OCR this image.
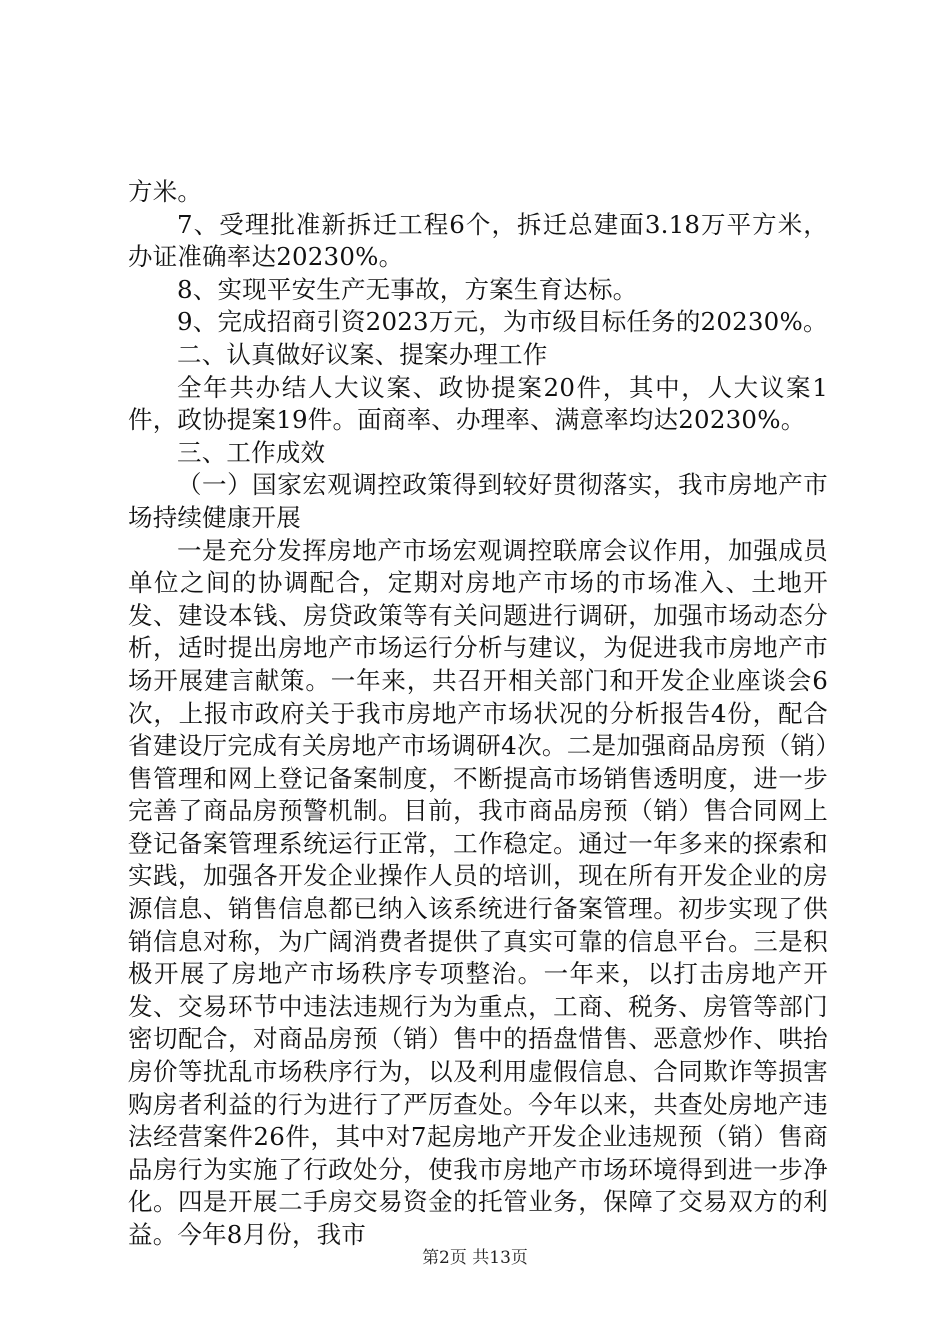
方米。

7、受理批准新拆迁工程6个，拆迁总建面3.18万平方米，办证准确率达20230%。

8、实现平安生产无事故，方案生育达标。

9、完成招商引资2023万元，为市级目标任务的20230%。

二、认真做好议案、提案办理工作

全年共办结人大议案、政协提案20件，其中，人大议案1件，政协提案19件。面商率、办理率、满意率均达20230%。

三、工作成效

（一）国家宏观调控政策得到较好贯彻落实，我市房地产市场持续健康开展

一是充分发挥房地产市场宏观调控联席会议作用，加强成员单位之间的协调配合，定期对房地产市场的市场准入、土地开发、建设本钱、房贷政策等有关问题进行调研，加强市场动态分析，适时提出房地产市场运行分析与建议，为促进我市房地产市场开展建言献策。一年来，共召开相关部门和开发企业座谈会6次，上报市政府关于我市房地产市场状况的分析报告4份，配合省建设厅完成有关房地产市场调研4次。二是加强商品房预（销）售管理和网上登记备案制度，不断提高市场销售透明度，进一步完善了商品房预警机制。目前，我市商品房预（销）售合同网上登记备案管理系统运行正常，工作稳定。通过一年多来的探索和实践，加强各开发企业操作人员的培训，现在所有开发企业的房源信息、销售信息都已纳入该系统进行备案管理。初步实现了供销信息对称，为广阔消费者提供了真实可靠的信息平台。三是积极开展了房地产市场秩序专项整治。一年来，以打击房地产开发、交易环节中违法违规行为为重点，工商、税务、房管等部门密切配合，对商品房预（销）售中的捂盘惜售、恶意炒作、哄抬房价等扰乱市场秩序行为，以及利用虚假信息、合同欺诈等损害购房者利益的行为进行了严厉查处。今年以来，共查处房地产违法经营案件26件，其中对7起房地产开发企业违规预（销）售商品房行为实施了行政处分，使我市房地产市场环境得到进一步净化。四是开展二手房交易资金的托管业务，保障了交易双方的利益。今年8月份，我市

第2页 共13页
